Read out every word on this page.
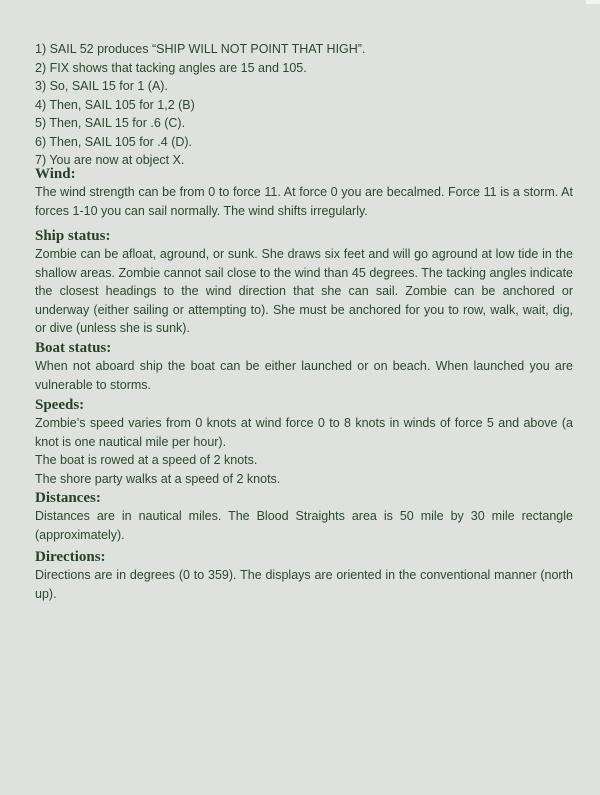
1) SAIL 52 produces “SHIP WILL NOT POINT THAT HIGH”.

2) FIX shows that tacking angles are 15 and 105.

3) So, SAIL 15 for 1 (A).

4) Then, SAIL 105 for 1,2 (B)

5) Then, SAIL 15 for .6 (C).

6) Then, SAIL 105 for .4 (D).

7) You are now at object X.

Wind:

The wind strength can be from 0 to force 11. At force 0 you are becalmed. Force 11 is a storm. At forces 1-10 you can sail normally. The wind shifts irregularly.

Ship status:

Zombie can be afloat, aground, or sunk. She draws six feet and will go aground at low tide in the shallow areas. Zombie cannot sail close to the wind than 45 degrees. The tacking angles indicate the closest headings to the wind direction that she can sail. Zombie can be anchored or underway (either sailing or attempting to). She must be anchored for you to row, walk, wait, dig, or dive (unless she is sunk).

Boat status:

When not aboard ship the boat can be either launched or on beach. When launched you are vulnerable to storms.

Speeds:

Zombie’s speed varies from 0 knots at wind force 0 to 8 knots in winds of force 5 and above (a knot is one nautical mile per hour).

The boat is rowed at a speed of 2 knots.

The shore party walks at a speed of 2 knots.

Distances:

Distances are in nautical miles. The Blood Straights area is 50 mile by 30 mile rectangle (approximately).

Directions:

Directions are in degrees (0 to 359). The displays are oriented in the conventional manner (north up).
